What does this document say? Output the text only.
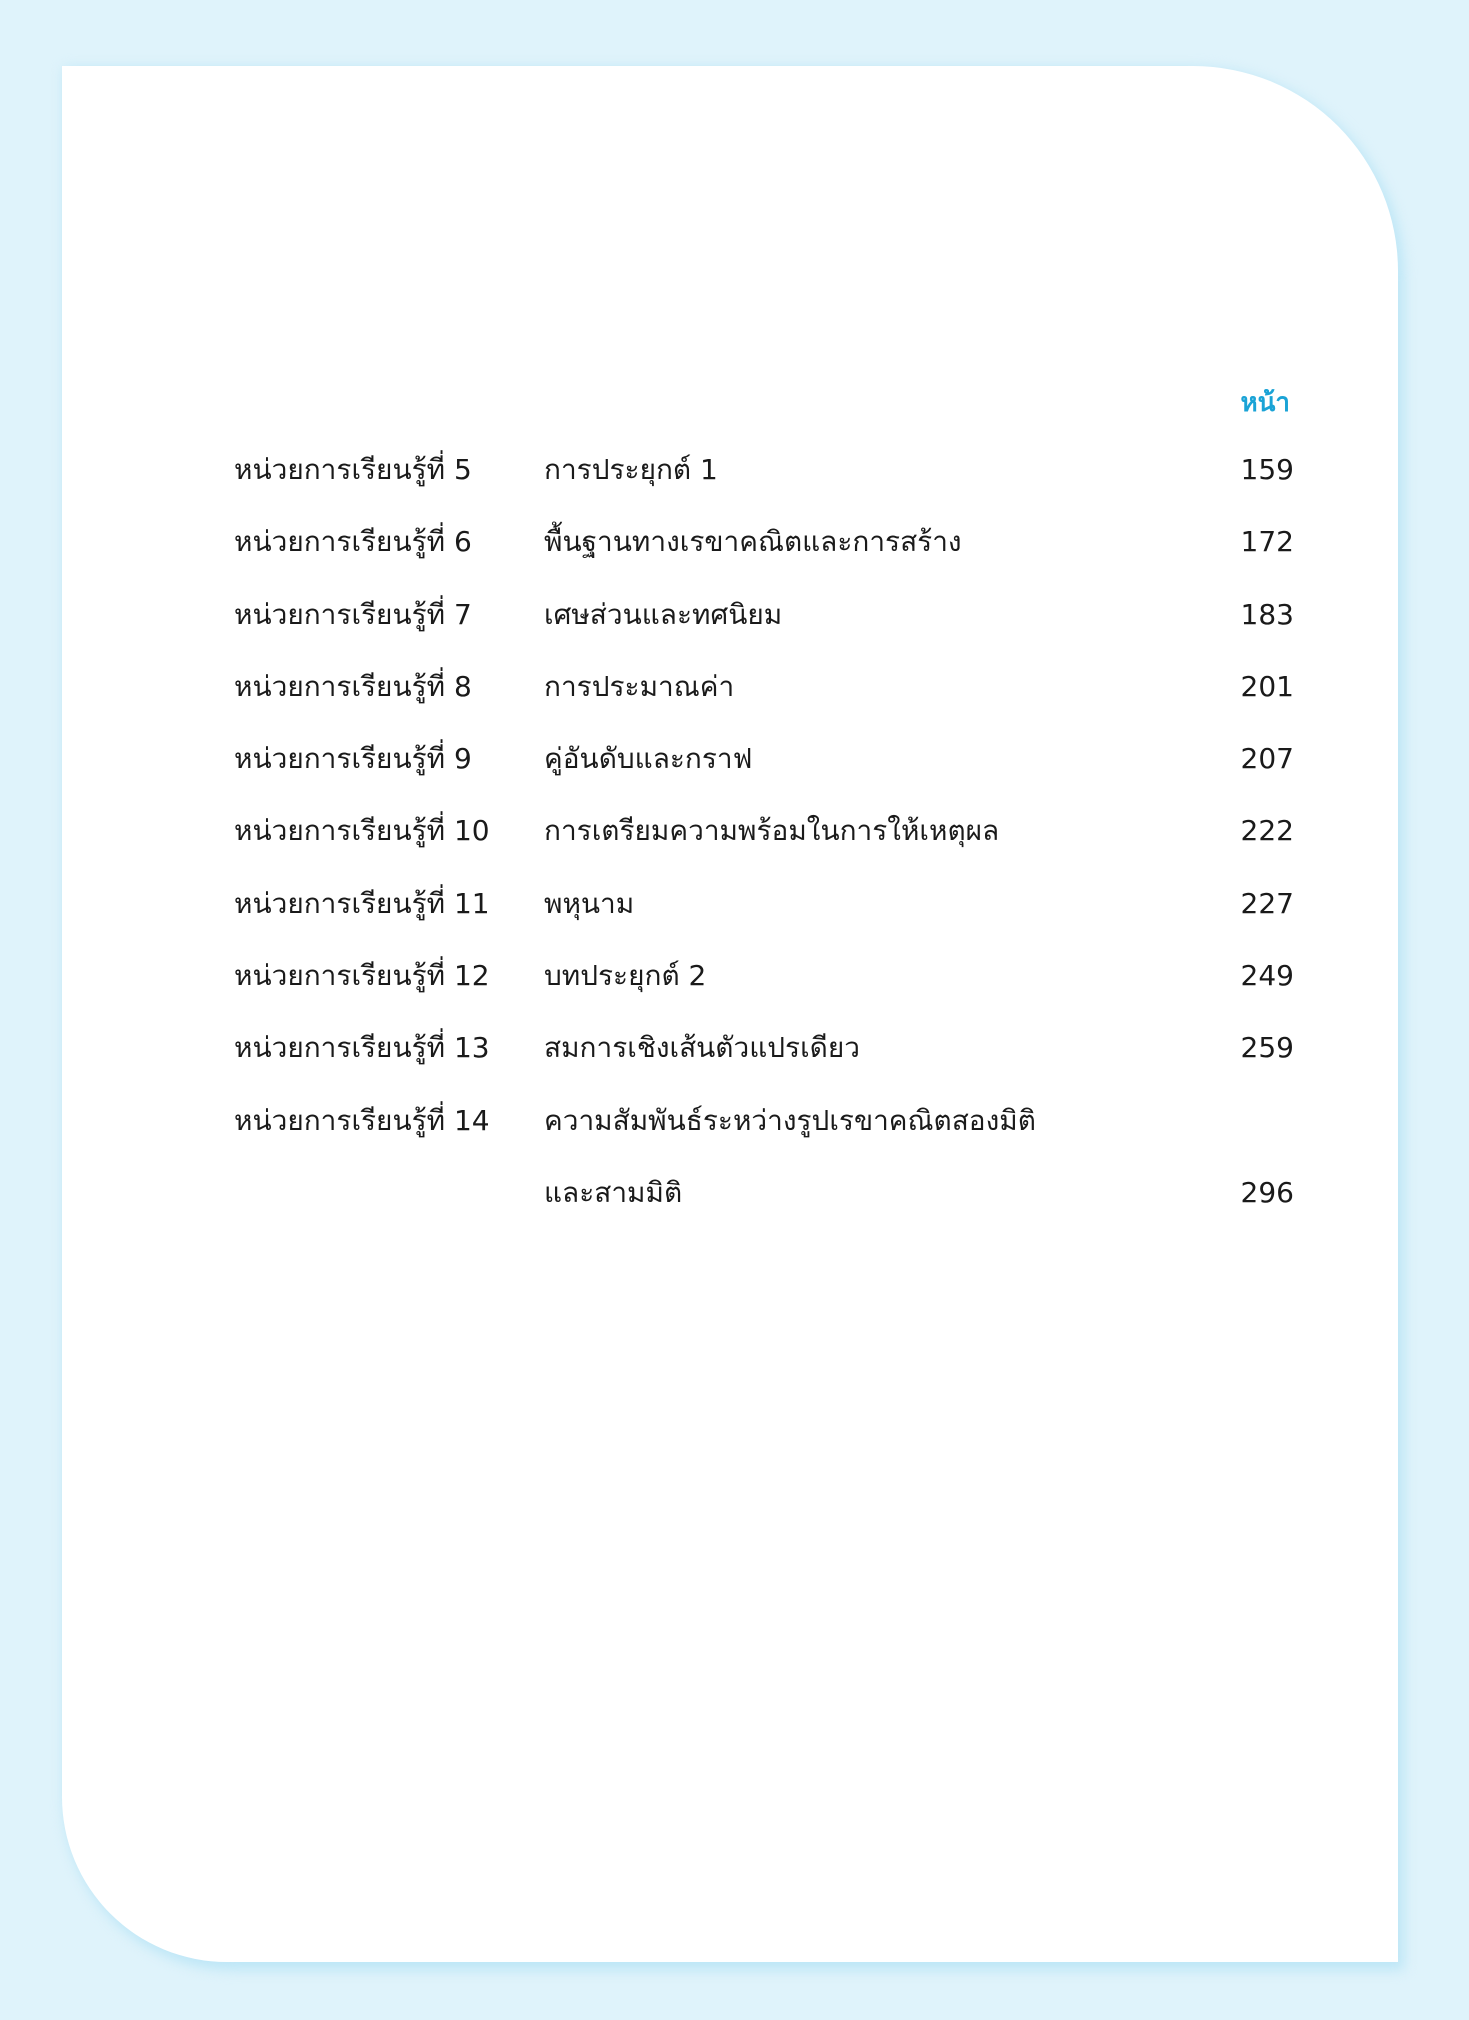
หน้า
หน่วยการเรียนรู้ที่ 5	การประยุกต์ 1	159
หน่วยการเรียนรู้ที่ 6	พื้นฐานทางเรขาคณิตและการสร้าง	172
หน่วยการเรียนรู้ที่ 7	เศษส่วนและทศนิยม	183
หน่วยการเรียนรู้ที่ 8	การประมาณค่า	201
หน่วยการเรียนรู้ที่ 9	คู่อันดับและกราฟ	207
หน่วยการเรียนรู้ที่ 10 การเตรียมความพร้อมในการให้เหตุผล	222
หน่วยการเรียนรู้ที่ 11 พหุนาม	227
หน่วยการเรียนรู้ที่ 12 บทประยุกต์ 2	249
หน่วยการเรียนรู้ที่ 13 สมการเชิงเส้นตัวแปรเดียว	259
หน่วยการเรียนรู้ที่ 14 ความสัมพันธ์ระหว่างรูปเรขาคณิตสองมิติ
และสามมิติ	296
